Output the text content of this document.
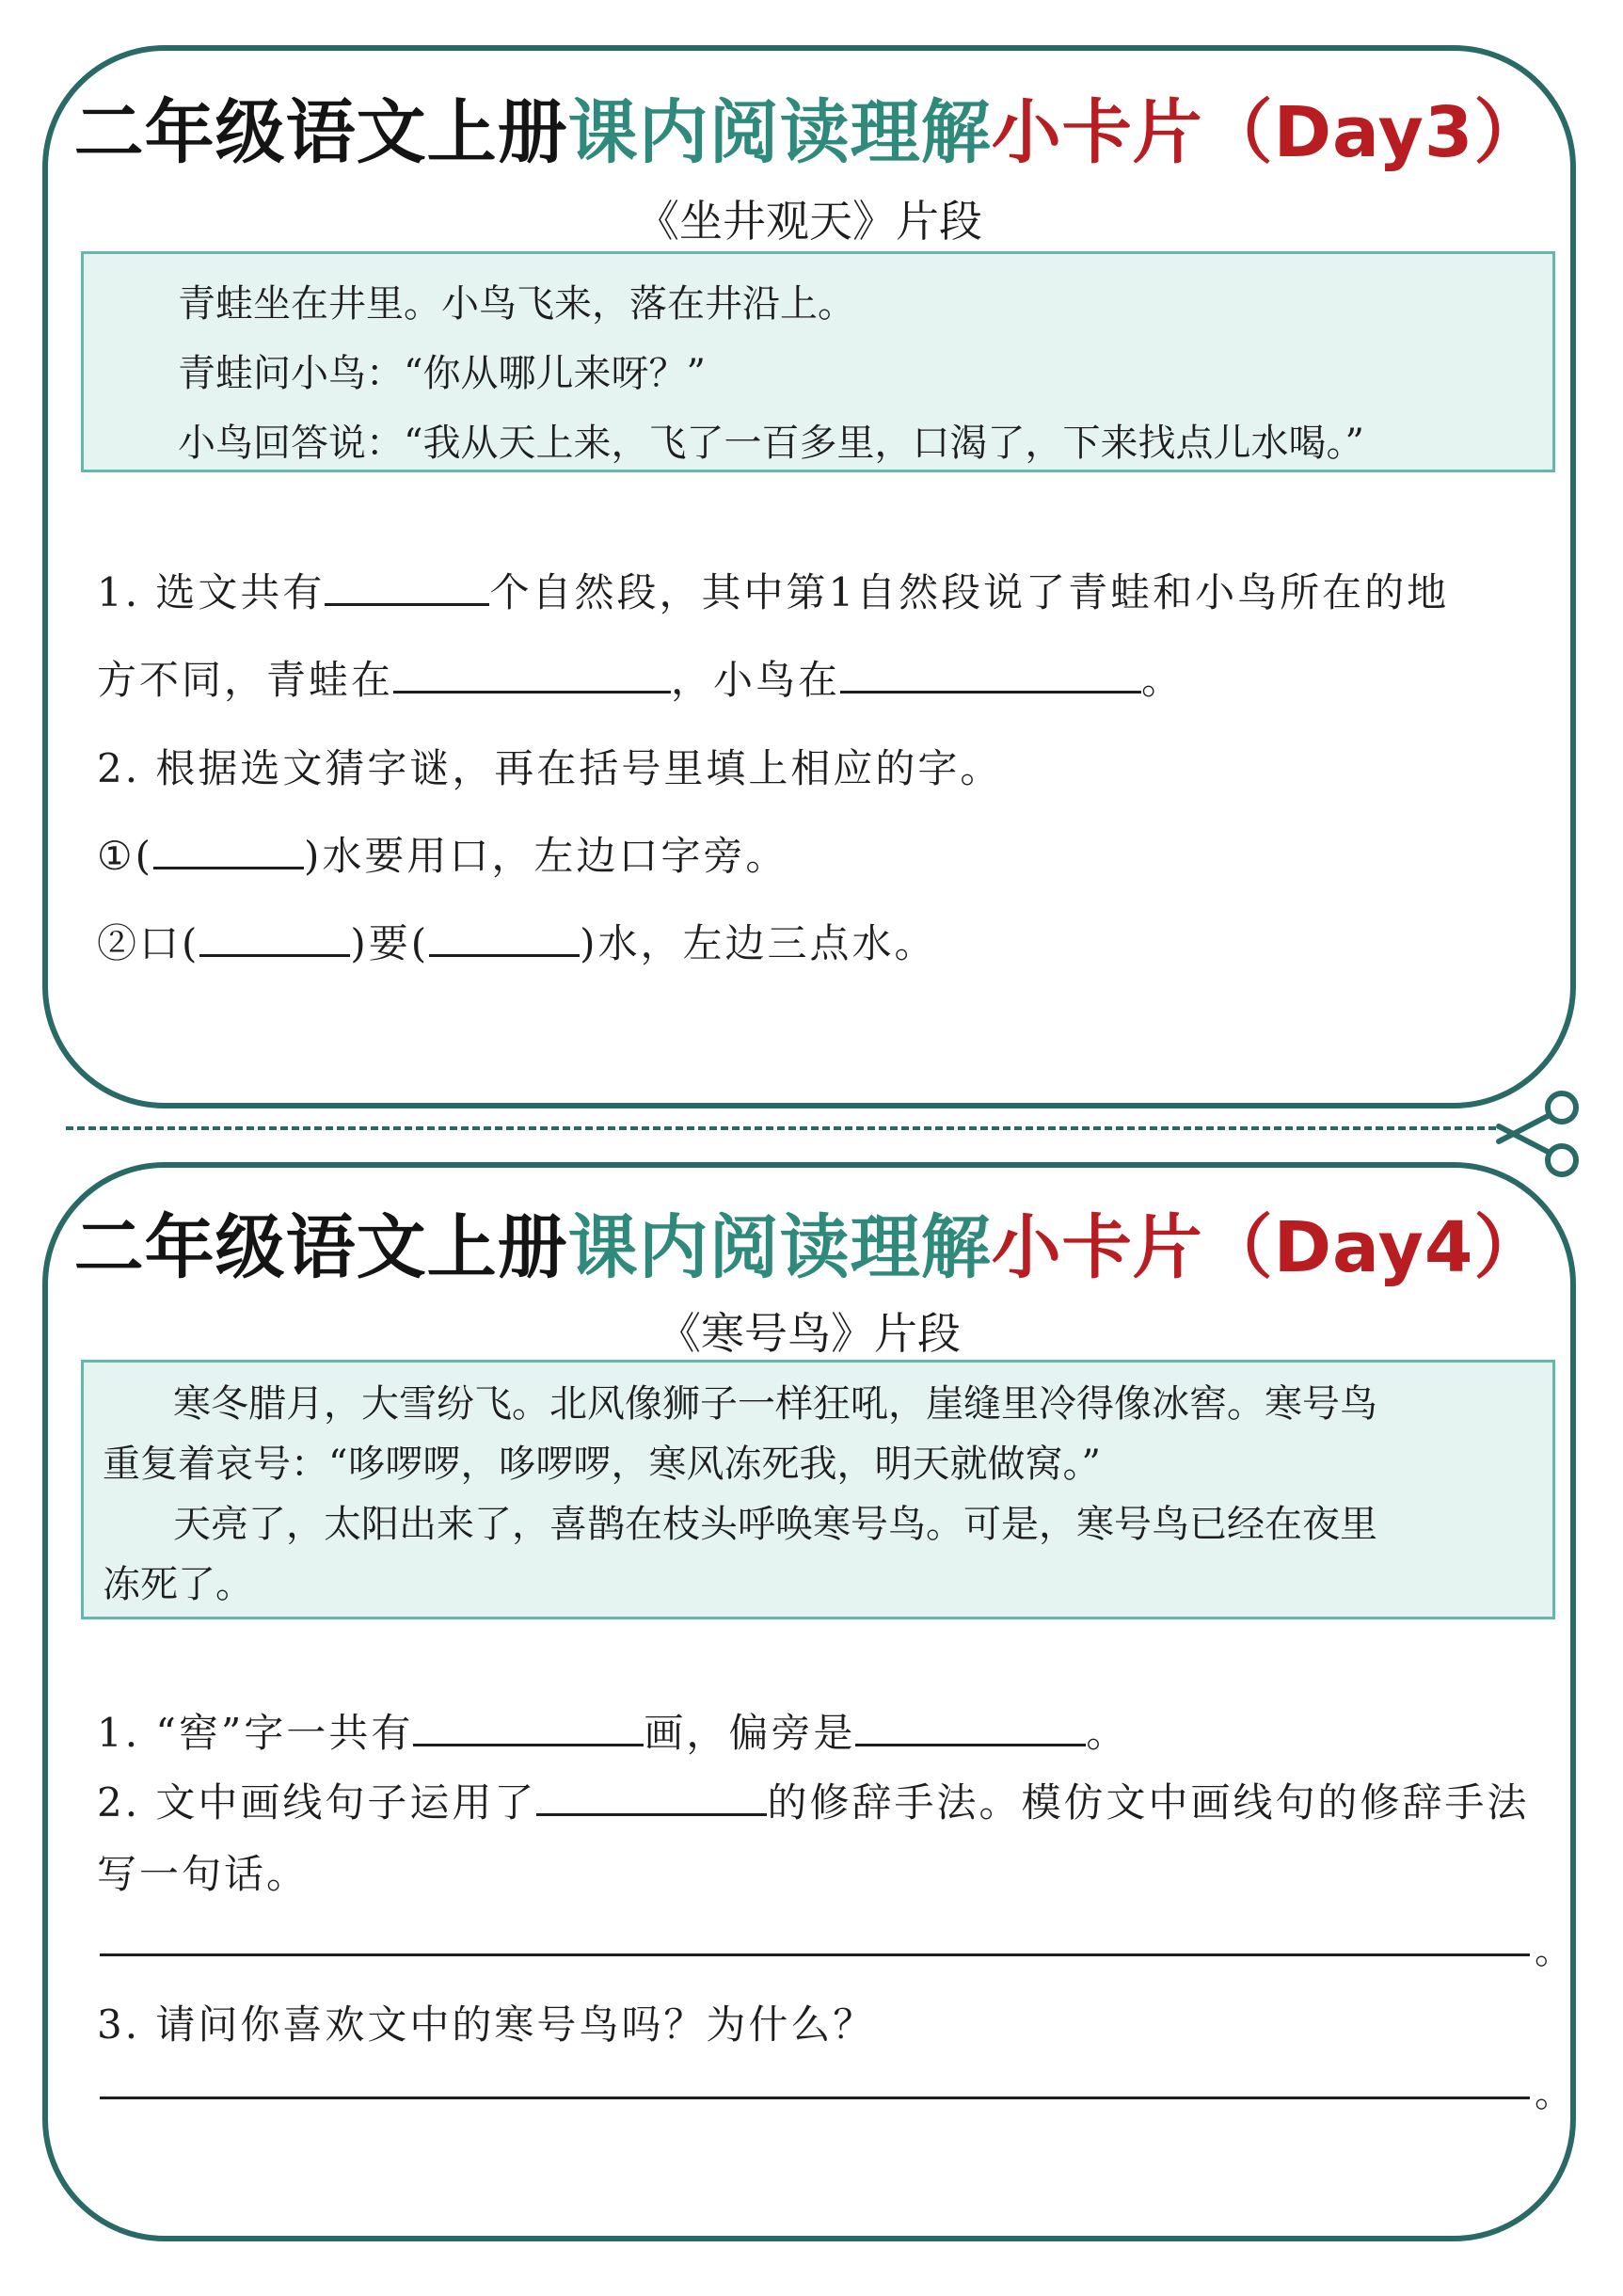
二年级语文上册课内阅读理解小卡片（Day3）
《坐井观天》片段
青蛙坐在井里。小鸟飞来，落在井沿上。
青蛙问小鸟：“你从哪儿来呀？”
小鸟回答说：“我从天上来，飞了一百多里，口渴了，下来找点儿水喝。”
1. 选文共有	个自然段，其中第1自然段说了青蛙和小鸟所在的地
方不同，青蛙在	，小鸟在	。
2. 根据选文猜字谜，再在括号里填上相应的字。
①(	)水要用口，左边口字旁。
②口(	)要(	)水，左边三点水。
二年级语文上册课内阅读理解小卡片（Day4）
《寒号鸟》片段
寒冬腊月，大雪纷飞。北风像狮子一样狂吼，崖缝里冷得像冰窖。寒号鸟
重复着哀号：“哆啰啰，哆啰啰，寒风冻死我，明天就做窝。”
天亮了，太阳出来了，喜鹊在枝头呼唤寒号鸟。可是，寒号鸟已经在夜里
冻死了。
1. “窖”字一共有	画，偏旁是	。
2. 文中画线句子运用了	的修辞手法。模仿文中画线句的修辞手法
写一句话。
。
3. 请问你喜欢文中的寒号鸟吗？为什么？
。
